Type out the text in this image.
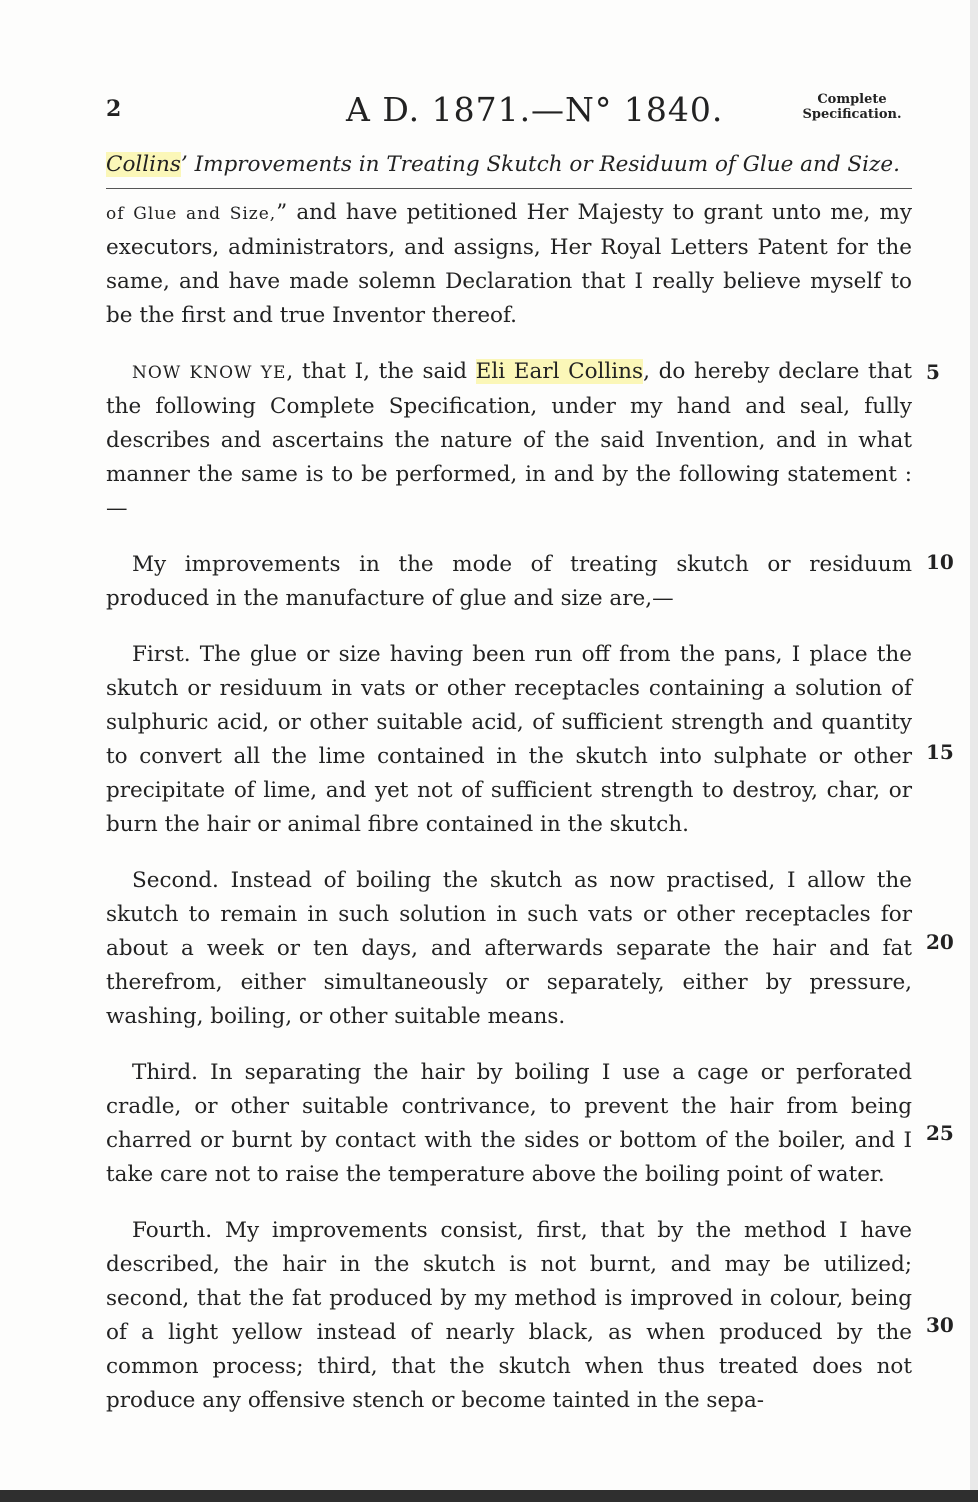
2	A D. 1871.—N° 1840.	Complete
Specification.
Collins’ Improvements in Treating Skutch or Residuum of Glue and Size.

of Glue and Size,” and have petitioned Her Majesty to grant unto me, my executors, administrators, and assigns, Her Royal Letters Patent for the same, and have made solemn Declaration that I really believe myself to be the first and true Inventor thereof.

NOW KNOW YE, that I, the said Eli Earl Collins, do hereby declare that the following Complete Specification, under my hand and seal, fully describes and ascertains the nature of the said Invention, and in what manner the same is to be performed, in and by the following statement :—

My improvements in the mode of treating skutch or residuum produced in the manufacture of glue and size are,—

First. The glue or size having been run off from the pans, I place the skutch or residuum in vats or other receptacles containing a solution of sulphuric acid, or other suitable acid, of sufficient strength and quantity to convert all the lime contained in the skutch into sulphate or other precipitate of lime, and yet not of sufficient strength to destroy, char, or burn the hair or animal fibre contained in the skutch.

Second. Instead of boiling the skutch as now practised, I allow the skutch to remain in such solution in such vats or other receptacles for about a week or ten days, and afterwards separate the hair and fat therefrom, either simultaneously or separately, either by pressure, washing, boiling, or other suitable means.

Third. In separating the hair by boiling I use a cage or perforated cradle, or other suitable contrivance, to prevent the hair from being charred or burnt by contact with the sides or bottom of the boiler, and I take care not to raise the temperature above the boiling point of water.

Fourth. My improvements consist, first, that by the method I have described, the hair in the skutch is not burnt, and may be utilized; second, that the fat produced by my method is improved in colour, being of a light yellow instead of nearly black, as when produced by the common process; third, that the skutch when thus treated does not produce any offensive stench or become tainted in the sepa-

5
10
15
20
25
30
